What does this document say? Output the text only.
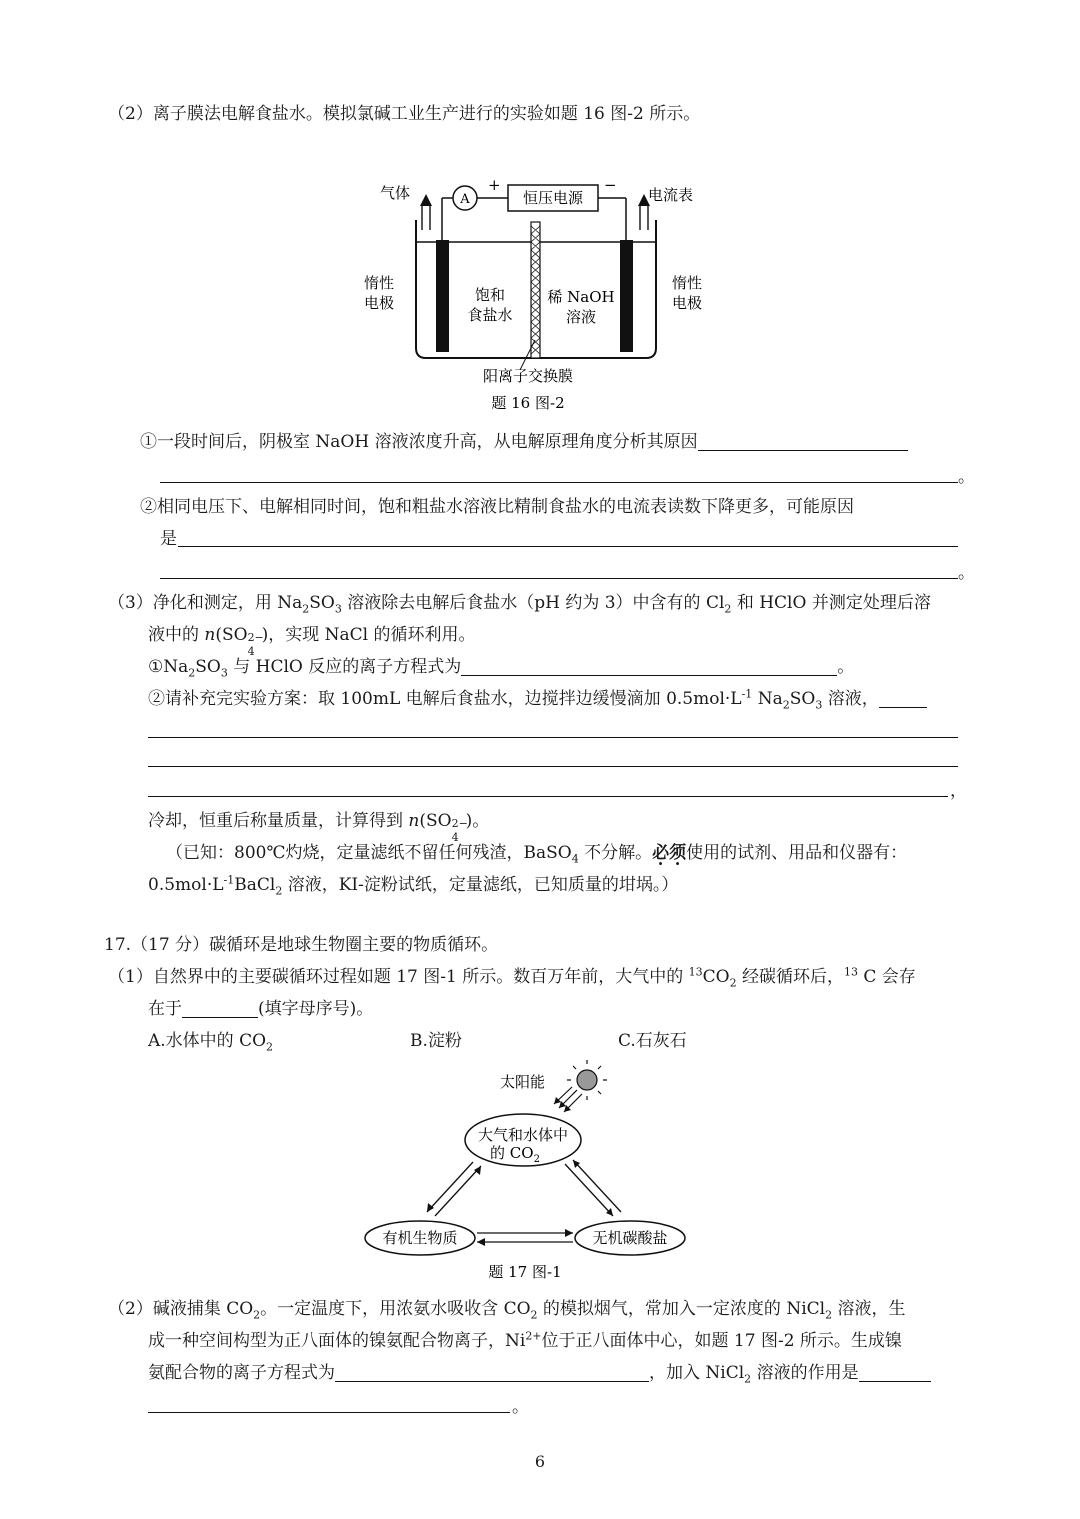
（2）离子膜法电解食盐水。模拟氯碱工业生产进行的实验如题 16 图-2 所示。
气体	A
+	−
恒压电源	电流表
惰性
电极	饱和
食盐水
稀 NaOH
溶液
惰性
电极
阳离子交换膜
题 16 图-2
①一段时间后，阴极室 NaOH 溶液浓度升高，从电解原理角度分析其原因
。
②相同电压下、电解相同时间，饱和粗盐水溶液比精制食盐水的电流表读数下降更多，可能原因
是
。
（3）净化和测定，用 $Na_2SO_3$ 溶液除去电解后食盐水（pH 约为 3）中含有的 $Cl_2$ 和 HClO 并测定处理后溶
液中的 n(SO 2−
4
)，实现 NaCl 的循环利用。
$①Na_2SO_3$ 与 HClO 反应的离子方程式为	。
②请补充完实验方案：取 100mL 电解后食盐水，边搅拌边缓慢滴加 $0.5mol\cdot L^{-1}$ $Na_2SO_3$ 溶液，
，
冷却，恒重后称量质量，计算得到 n(SO 2−
4
)。
（已知：800℃灼烧，定量滤纸不留任何残渣，BaSO$_4$ 不分解。必须使用的试剂、用品和仪器有：
$0.5mol\cdot L^{-1}BaCl_2$ 溶液，KI-淀粉试纸，定量滤纸，已知质量的坩埚。）
17.（17 分）碳循环是地球生物圈主要的物质循环。
（1）自然界中的主要碳循环过程如题 17 图-1 所示。数百万年前，大气中的 $^{13}CO_2$ 经碳循环后，$^{13}$ C 会存
在于	(填字母序号)。
A.水体中的 $CO_2$	B.淀粉	C.石灰石
太阳能
大气和水体中
的 $CO_2$
有机生物质	无机碳酸盐
题 17 图-1
（2）碱液捕集 $CO_2$。一定温度下，用浓氨水吸收含 $CO_2$ 的模拟烟气，常加入一定浓度的 NiCl$_2$ 溶液，生
成一种空间构型为正八面体的镍氨配合物离子，$Ni^{2+}$位于正八面体中心，如题 17 图-2 所示。生成镍
氨配合物的离子方程式为	，加入 NiCl$_2$ 溶液的作用是
。
6
